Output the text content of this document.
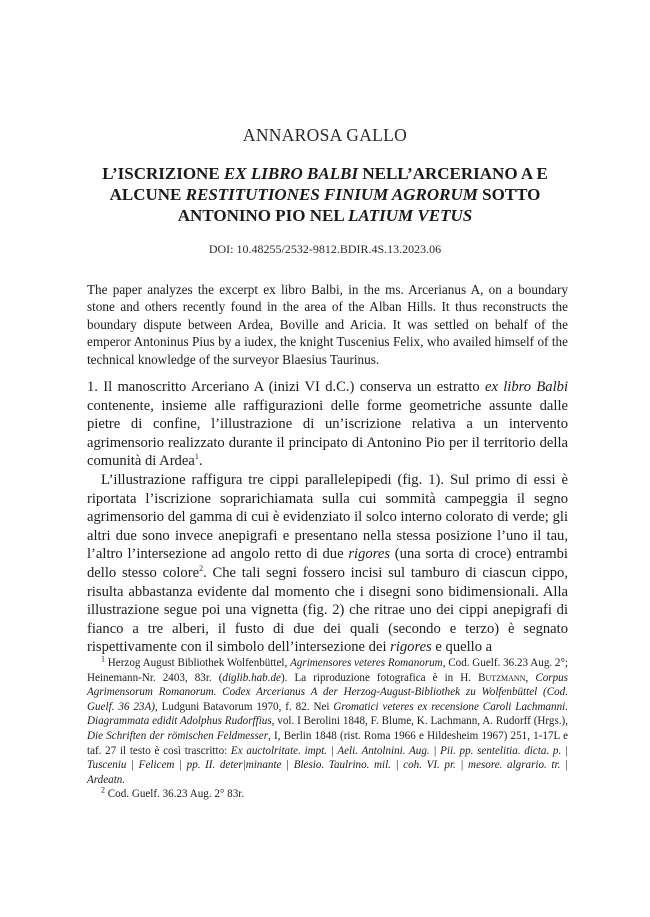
ANNAROSA GALLO
L’ISCRIZIONE EX LIBRO BALBI NELL’ARCERIANO A E ALCUNE RESTITUTIONES FINIUM AGRORUM SOTTO ANTONINO PIO NEL LATIUM VETUS
DOI: 10.48255/2532-9812.BDIR.4S.13.2023.06
The paper analyzes the excerpt ex libro Balbi, in the ms. Arcerianus A, on a boundary stone and others recently found in the area of the Alban Hills. It thus reconstructs the boundary dispute between Ardea, Boville and Aricia. It was settled on behalf of the emperor Antoninus Pius by a iudex, the knight Tuscenius Felix, who availed himself of the technical knowledge of the surveyor Blaesius Taurinus.

1. Il manoscritto Arceriano A (inizi VI d.C.) conserva un estratto ex libro Balbi contenente, insieme alle raffigurazioni delle forme geometriche assunte dalle pietre di confine, l’illustrazione di un’iscrizione relativa a un intervento agrimensorio realizzato durante il principato di Antonino Pio per il territorio della comunità di Ardea$^1$.

L’illustrazione raffigura tre cippi parallelepipedi (fig. 1). Sul primo di essi è riportata l’iscrizione soprarichiamata sulla cui sommità campeggia il segno agrimensorio del gamma di cui è evidenziato il solco interno colorato di verde; gli altri due sono invece anepigrafi e presentano nella stessa posizione l’uno il tau, l’altro l’intersezione ad angolo retto di due rigores (una sorta di croce) entrambi dello stesso colore$^2$. Che tali segni fossero incisi sul tamburo di ciascun cippo, risulta abbastanza evidente dal momento che i disegni sono bidimensionali. Alla illustrazione segue poi una vignetta (fig. 2) che ritrae uno dei cippi anepigrafi di fianco a tre alberi, il fusto di due dei quali (secondo e terzo) è segnato rispettivamente con il simbolo dell’intersezione dei rigores e quello a

$^1$ Herzog August Bibliothek Wolfenbüttel, Agrimensores veteres Romanorum, Cod. Guelf. 36.23 Aug. 2°; Heinemann-Nr. 2403, 83r. (diglib.hab.de). La riproduzione fotografica è in H. Butzmann, Corpus Agrimensorum Romanorum. Codex Arcerianus A der Herzog-August-Bibliothek zu Wolfenbüttel (Cod. Guelf. 36 23A), Ludguni Batavorum 1970, f. 82. Nei Gromatici veteres ex recensione Caroli Lachmanni. Diagrammata edidit Adolphus Rudorffius, vol. I Berolini 1848, F. Blume, K. Lachmann, A. Rudorff (Hrgs.), Die Schriften der römischen Feldmesser, I, Berlin 1848 (rist. Roma 1966 e Hildesheim 1967) 251, 1-17L e taf. 27 il testo è così trascritto: Ex auctolritate. impt. | Aeli. Antolnini. Aug. | Pii. pp. sentelitia. dicta. p. | Tusceniu | Felicem | pp. II. deter|minante | Blesio. Taulrino. mil. | coh. VI. pr. | mesore. algrario. tr. | Ardeatn.

$^2$ Cod. Guelf. 36.23 Aug. 2° 83r.
